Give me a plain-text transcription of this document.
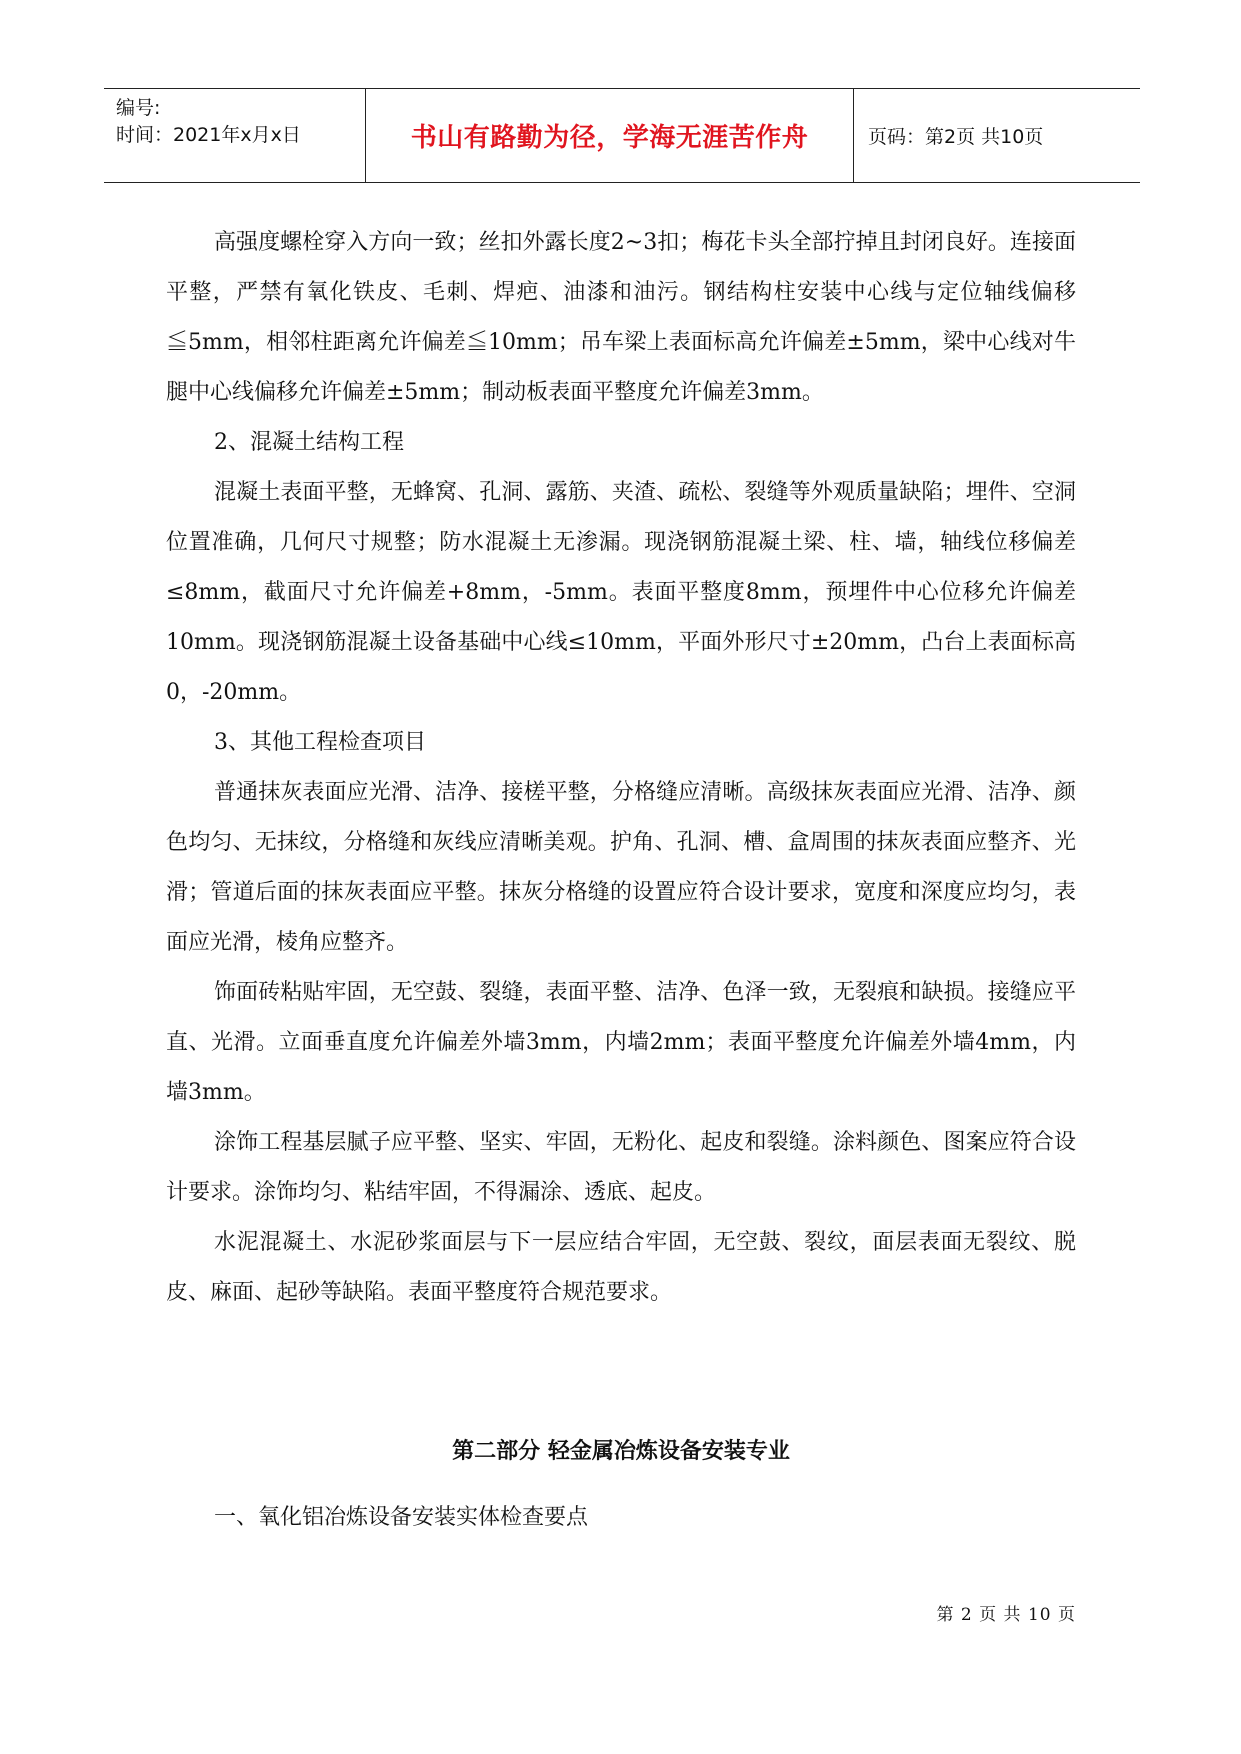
编号:
时间：2021年x月x日	书山有路勤为径，学海无涯苦作舟	页码：第2页 共10页

高强度螺栓穿入方向一致；丝扣外露长度2~3扣；梅花卡头全部拧掉且封闭良好。连接面平整，严禁有氧化铁皮、毛刺、焊疤、油漆和油污。钢结构柱安装中心线与定位轴线偏移≦5mm，相邻柱距离允许偏差≦10mm；吊车梁上表面标高允许偏差±5mm，梁中心线对牛腿中心线偏移允许偏差±5mm；制动板表面平整度允许偏差3mm。

2、混凝土结构工程

混凝土表面平整，无蜂窝、孔洞、露筋、夹渣、疏松、裂缝等外观质量缺陷；埋件、空洞位置准确，几何尺寸规整；防水混凝土无渗漏。现浇钢筋混凝土梁、柱、墙，轴线位移偏差≤8mm，截面尺寸允许偏差+8mm，-5mm。表面平整度8mm，预埋件中心位移允许偏差10mm。现浇钢筋混凝土设备基础中心线≤10mm，平面外形尺寸±20mm，凸台上表面标高0，-20mm。

3、其他工程检查项目

普通抹灰表面应光滑、洁净、接槎平整，分格缝应清晰。高级抹灰表面应光滑、洁净、颜色均匀、无抹纹，分格缝和灰线应清晰美观。护角、孔洞、槽、盒周围的抹灰表面应整齐、光滑；管道后面的抹灰表面应平整。抹灰分格缝的设置应符合设计要求，宽度和深度应均匀，表面应光滑，棱角应整齐。

饰面砖粘贴牢固，无空鼓、裂缝，表面平整、洁净、色泽一致，无裂痕和缺损。接缝应平直、光滑。立面垂直度允许偏差外墙3mm，内墙2mm；表面平整度允许偏差外墙4mm，内墙3mm。

涂饰工程基层腻子应平整、坚实、牢固，无粉化、起皮和裂缝。涂料颜色、图案应符合设计要求。涂饰均匀、粘结牢固，不得漏涂、透底、起皮。

水泥混凝土、水泥砂浆面层与下一层应结合牢固，无空鼓、裂纹，面层表面无裂纹、脱皮、麻面、起砂等缺陷。表面平整度符合规范要求。

第二部分 轻金属冶炼设备安装专业
一、氧化铝冶炼设备安装实体检查要点
第 2 页 共 10 页
